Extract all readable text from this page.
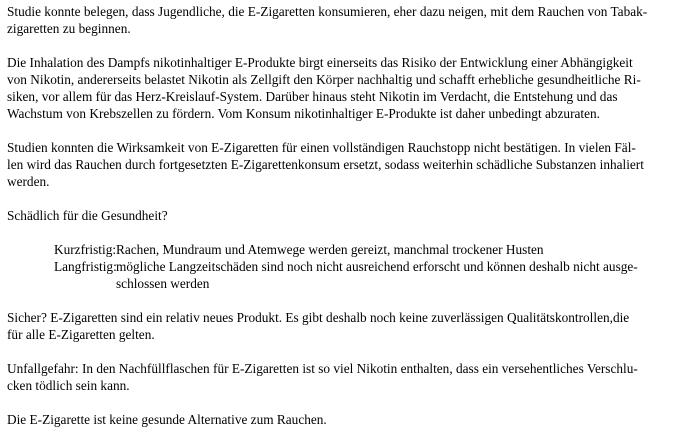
Studie konnte belegen, dass Jugendliche, die E-Zigaretten konsumieren, eher dazu neigen, mit dem Rauchen von Tabak-
zigaretten zu beginnen.
Die Inhalation des Dampfs nikotinhaltiger E-Produkte birgt einerseits das Risiko der Entwicklung einer Abhängigkeit
von Nikotin, andererseits belastet Nikotin als Zellgift den Körper nachhaltig und schafft erhebliche gesundheitliche Ri-
siken, vor allem für das Herz-Kreislauf-System. Darüber hinaus steht Nikotin im Verdacht, die Entstehung und das
Wachstum von Krebszellen zu fördern. Vom Konsum nikotinhaltiger E-Produkte ist daher unbedingt abzuraten.
Studien konnten die Wirksamkeit von E-Zigaretten für einen vollständigen Rauchstopp nicht bestätigen. In vielen Fäl-
len wird das Rauchen durch fortgesetzten E-Zigarettenkonsum ersetzt, sodass weiterhin schädliche Substanzen inhaliert
werden.
Schädlich für die Gesundheit?
Kurzfristig:Rachen, Mundraum und Atemwege werden gereizt, manchmal trockener Husten
Langfristig:mögliche Langzeitschäden sind noch nicht ausreichend erforscht und können deshalb nicht ausge-
schlossen werden
Sicher? E-Zigaretten sind ein relativ neues Produkt. Es gibt deshalb noch keine zuverlässigen Qualitätskontrollen,die
für alle E-Zigaretten gelten.
Unfallgefahr: In den Nachfüllflaschen für E-Zigaretten ist so viel Nikotin enthalten, dass ein versehentliches Verschlu-
cken tödlich sein kann.
Die E-Zigarette ist keine gesunde Alternative zum Rauchen.
